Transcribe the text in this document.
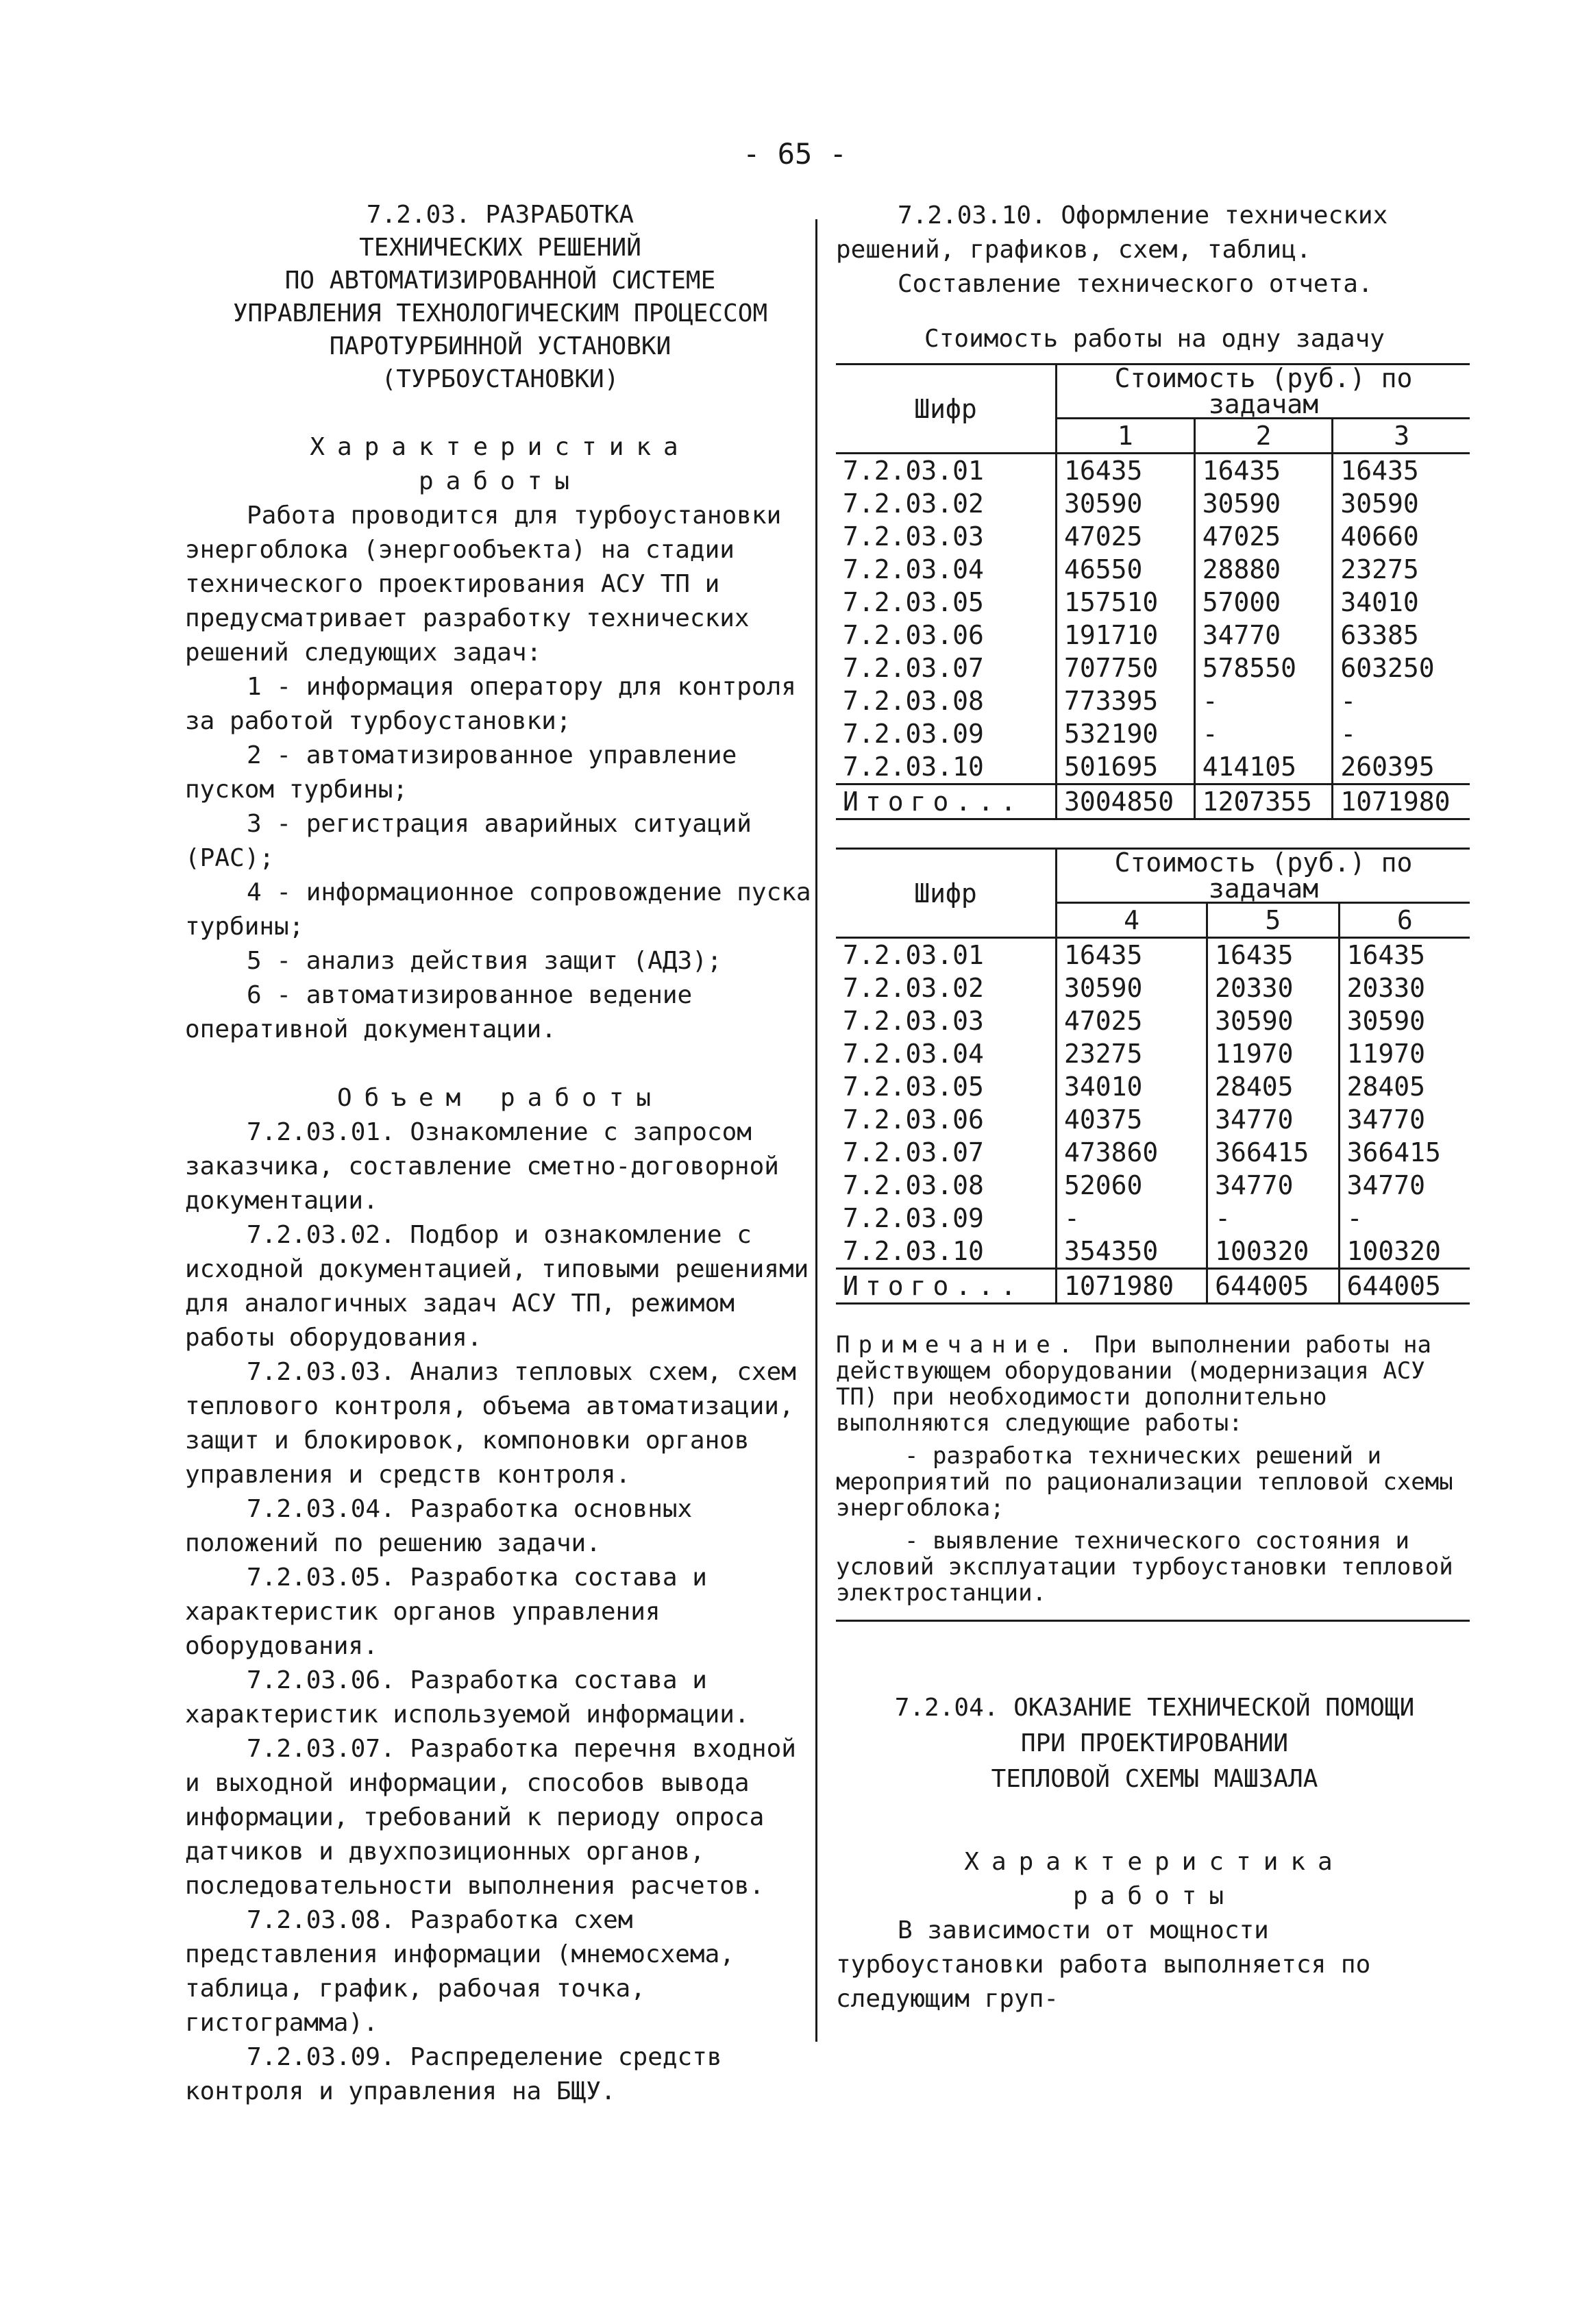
- 65 -
7.2.03. РАЗРАБОТКА
ТЕХНИЧЕСКИХ РЕШЕНИЙ
ПО АВТОМАТИЗИРОВАННОЙ СИСТЕМЕ
УПРАВЛЕНИЯ ТЕХНОЛОГИЧЕСКИМ ПРОЦЕССОМ
ПАРОТУРБИННОЙ УСТАНОВКИ
(ТУРБОУСТАНОВКИ)
Характеристика
работы

Работа проводится для турбоустановки энергоблока (энергообъекта) на стадии технического проектирования АСУ ТП и предусматривает разработку технических решений следующих задач:

1 - информация оператору для контроля за работой турбоустановки;

2 - автоматизированное управление пуском турбины;

3 - регистрация аварийных ситуаций (РАС);

4 - информационное сопровождение пуска турбины;

5 - анализ действия защит (АДЗ);

6 - автоматизированное ведение оперативной документации.

Объем работы

7.2.03.01. Ознакомление с запросом заказчика, составление сметно-договорной документации.

7.2.03.02. Подбор и ознакомление с исходной документацией, типовыми решениями для аналогичных задач АСУ ТП, режимом работы оборудования.

7.2.03.03. Анализ тепловых схем, схем теплового контроля, объема автоматизации, защит и блокировок, компоновки органов управления и средств контроля.

7.2.03.04. Разработка основных положений по решению задачи.

7.2.03.05. Разработка состава и характеристик органов управления оборудования.

7.2.03.06. Разработка состава и характеристик используемой информации.

7.2.03.07. Разработка перечня входной и выходной информации, способов вывода информации, требований к периоду опроса датчиков и двухпозиционных органов, последовательности выполнения расчетов.

7.2.03.08. Разработка схем представления информации (мнемосхема, таблица, график, рабочая точка, гистограмма).

7.2.03.09. Распределение средств контроля и управления на БЩУ.

7.2.03.10. Оформление технических решений, графиков, схем, таблиц.

Составление технического отчета.

Стоимость работы на одну задачу
Шифр	Стоимость (руб.) по задачам		
	1	2	3
7.2.03.01	16435	16435	16435
7.2.03.02	30590	30590	30590
7.2.03.03	47025	47025	40660
7.2.03.04	46550	28880	23275
7.2.03.05	157510	57000	34010
7.2.03.06	191710	34770	63385
7.2.03.07	707750	578550	603250
7.2.03.08	773395	-	-
7.2.03.09	532190	-	-
7.2.03.10	501695	414105	260395
Итого...	3004850	1207355	1071980
Шифр	Стоимость (руб.) по задачам		
	4	5	6
7.2.03.01	16435	16435	16435
7.2.03.02	30590	20330	20330
7.2.03.03	47025	30590	30590
7.2.03.04	23275	11970	11970
7.2.03.05	34010	28405	28405
7.2.03.06	40375	34770	34770
7.2.03.07	473860	366415	366415
7.2.03.08	52060	34770	34770
7.2.03.09	-	-	-
7.2.03.10	354350	100320	100320
Итого...	1071980	644005	644005
Примечание. При выполнении работы на действующем оборудовании (модернизация АСУ ТП) при необходимости дополнительно выполняются следующие работы:
- разработка технических решений и мероприятий по рационализации тепловой схемы энергоблока;
- выявление технического состояния и условий эксплуатации турбоустановки тепловой электростанции.
7.2.04. ОКАЗАНИЕ ТЕХНИЧЕСКОЙ ПОМОЩИ
ПРИ ПРОЕКТИРОВАНИИ
ТЕПЛОВОЙ СХЕМЫ МАШЗАЛА
Характеристика
работы

В зависимости от мощности турбоустановки работа выполняется по следующим груп-
